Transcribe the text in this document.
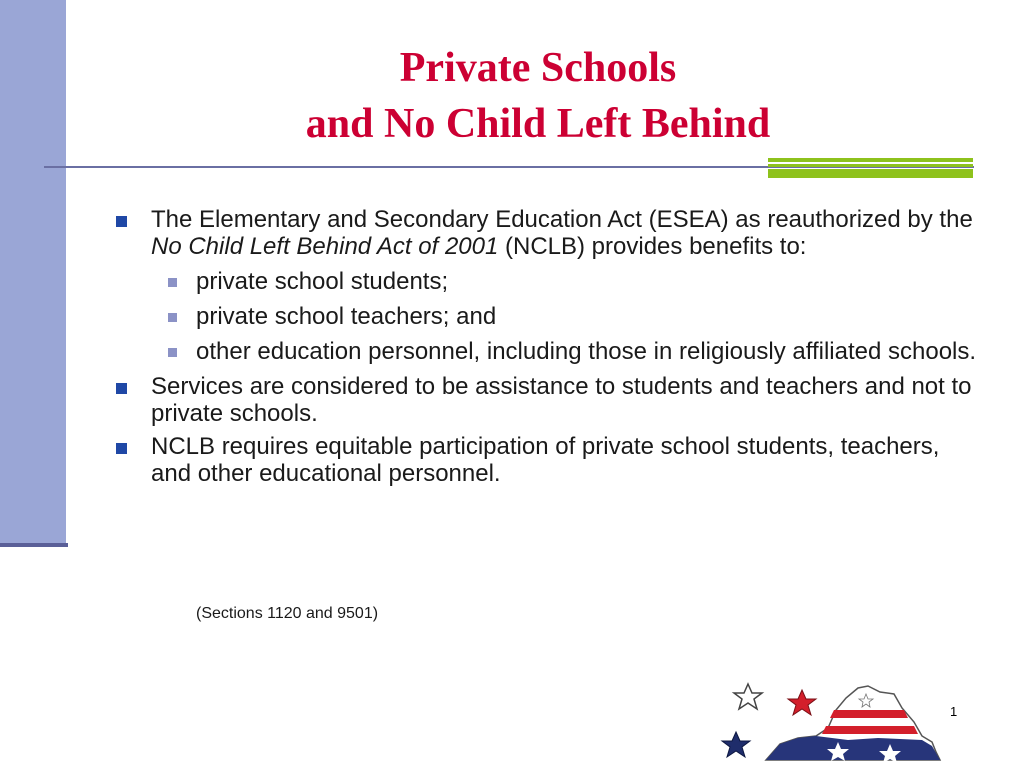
Private Schools
and No Child Left Behind
The Elementary and Secondary Education Act (ESEA) as reauthorized by the No Child Left Behind Act of 2001 (NCLB) provides benefits to:
private school students;
private school teachers; and
other education personnel, including those in religiously affiliated schools.
Services are considered to be assistance to students and teachers and not to private schools.
NCLB requires equitable participation of private school students, teachers, and other educational personnel.
(Sections 1120 and 9501)
1
